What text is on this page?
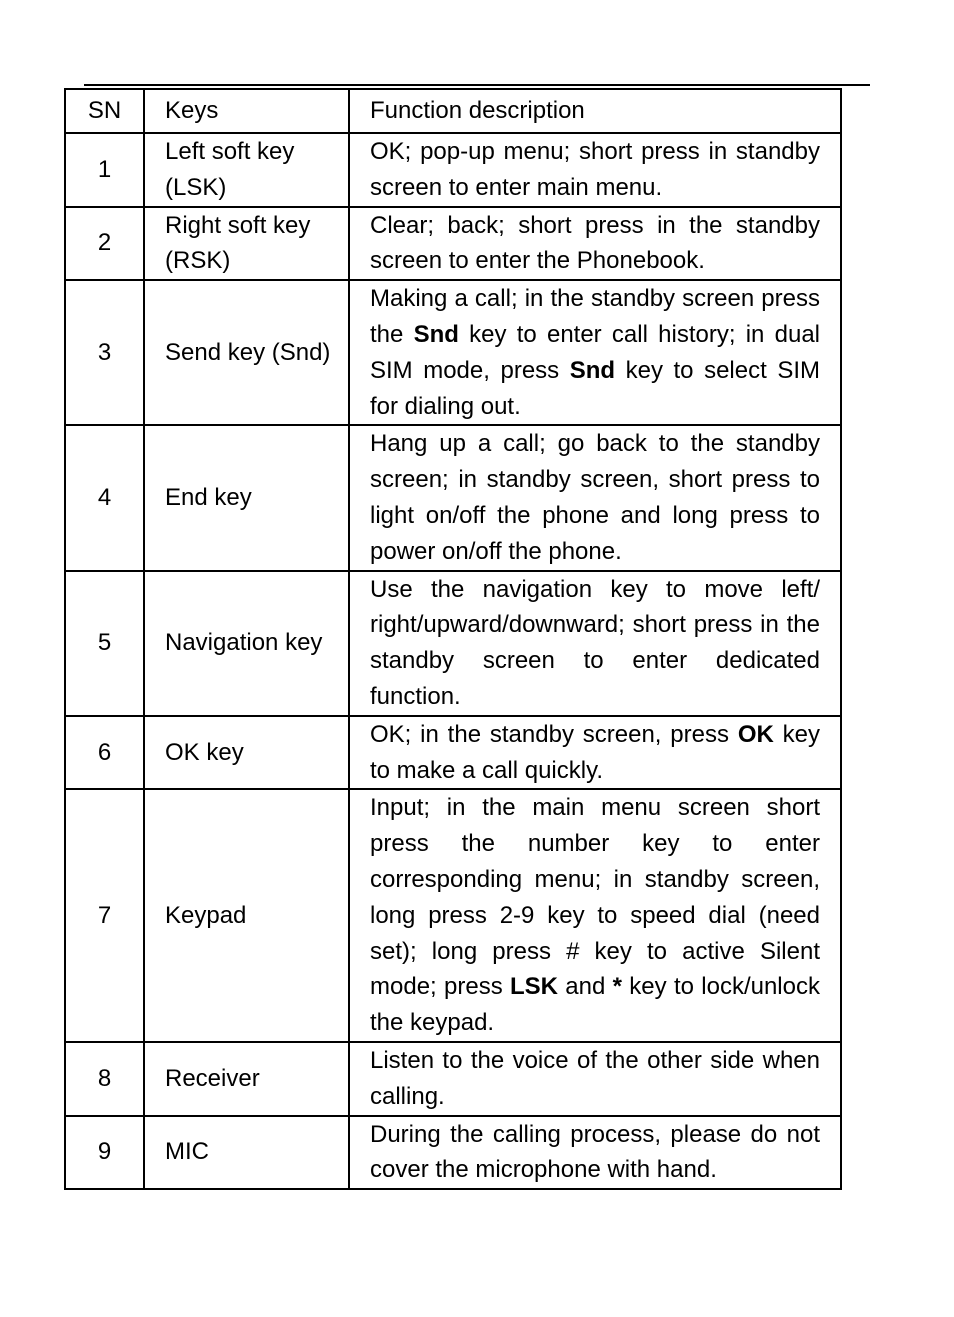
SN	Keys	Function description
1	Left soft key (LSK)	OK; pop-up menu; short press in standby screen to enter main menu.
2	Right soft key (RSK)	Clear; back; short press in the standby screen to enter the Phonebook.
3	Send key (Snd)	Making a call; in the standby screen press the Snd key to enter call history; in dual SIM mode, press Snd key to select SIM for dialing out.
4	End key	Hang up a call; go back to the standby screen; in standby screen, short press to light on/off the phone and long press to power on/off the phone.
5	Navigation key	Use the navigation key to move left/ right/upward/downward; short press in the standby screen to enter dedicated function.
6	OK key	OK; in the standby screen, press OK key to make a call quickly.
7	Keypad	Input; in the main menu screen short press the number key to enter corresponding menu; in standby screen, long press 2-9 key to speed dial (need set); long press # key to active Silent mode; press LSK and * key to lock/unlock the keypad.
8	Receiver	Listen to the voice of the other side when calling.
9	MIC	During the calling process, please do not cover the microphone with hand.
